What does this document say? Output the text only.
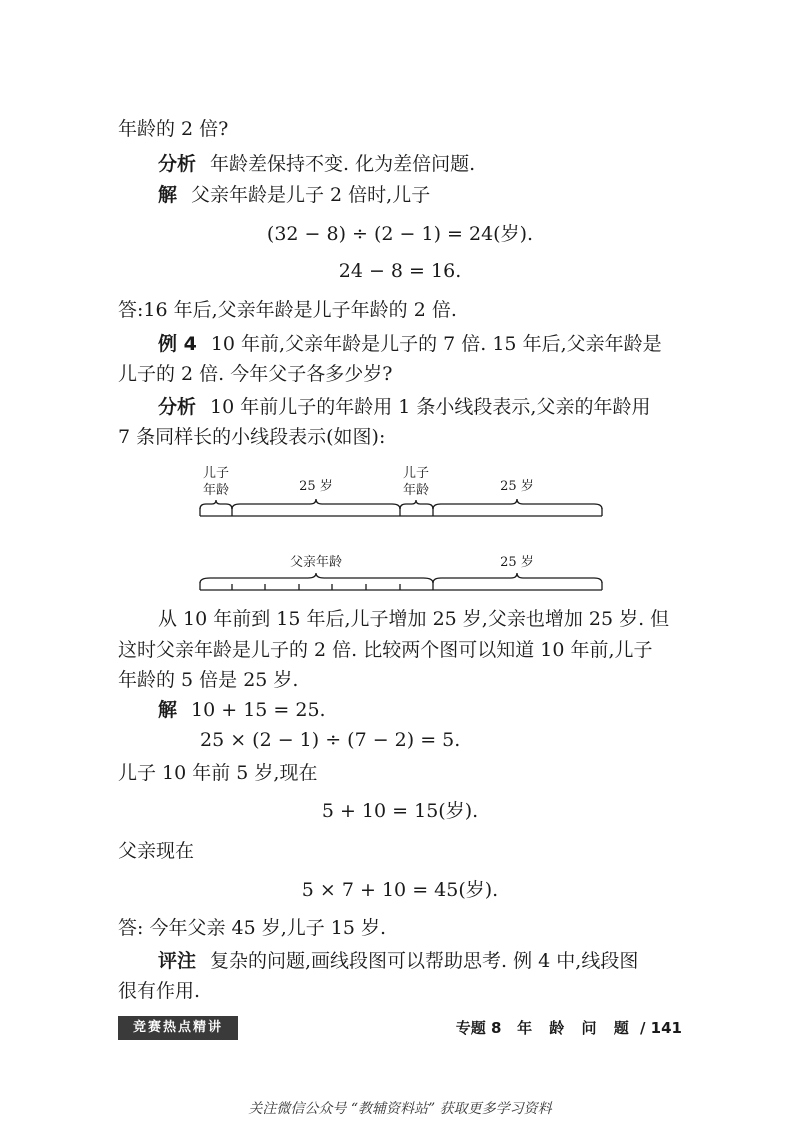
年龄的 2 倍?
分析 年龄差保持不变. 化为差倍问题.
解 父亲年龄是儿子 2 倍时,儿子
(32 − 8) ÷ (2 − 1) = 24(岁).
24 − 8 = 16.
答:16 年后,父亲年龄是儿子年龄的 2 倍.
例 4 10 年前,父亲年龄是儿子的 7 倍. 15 年后,父亲年龄是
儿子的 2 倍. 今年父子各多少岁?
分析 10 年前儿子的年龄用 1 条小线段表示,父亲的年龄用
7 条同样长的小线段表示(如图):
儿子
年龄	25 岁
儿子
年龄	25 岁
父亲年龄	25 岁
从 10 年前到 15 年后,儿子增加 25 岁,父亲也增加 25 岁. 但
这时父亲年龄是儿子的 2 倍. 比较两个图可以知道 10 年前,儿子
年龄的 5 倍是 25 岁.
解 10 + 15 = 25.
25 × (2 − 1) ÷ (7 − 2) = 5.
儿子 10 年前 5 岁,现在
5 + 10 = 15(岁).
父亲现在
5 × 7 + 10 = 45(岁).
答: 今年父亲 45 岁,儿子 15 岁.
评注 复杂的问题,画线段图可以帮助思考. 例 4 中,线段图
很有作用.
竞赛热点精讲	专题 8 年 龄 问 题 / 141
关注微信公众号 “教辅资料站” 获取更多学习资料
